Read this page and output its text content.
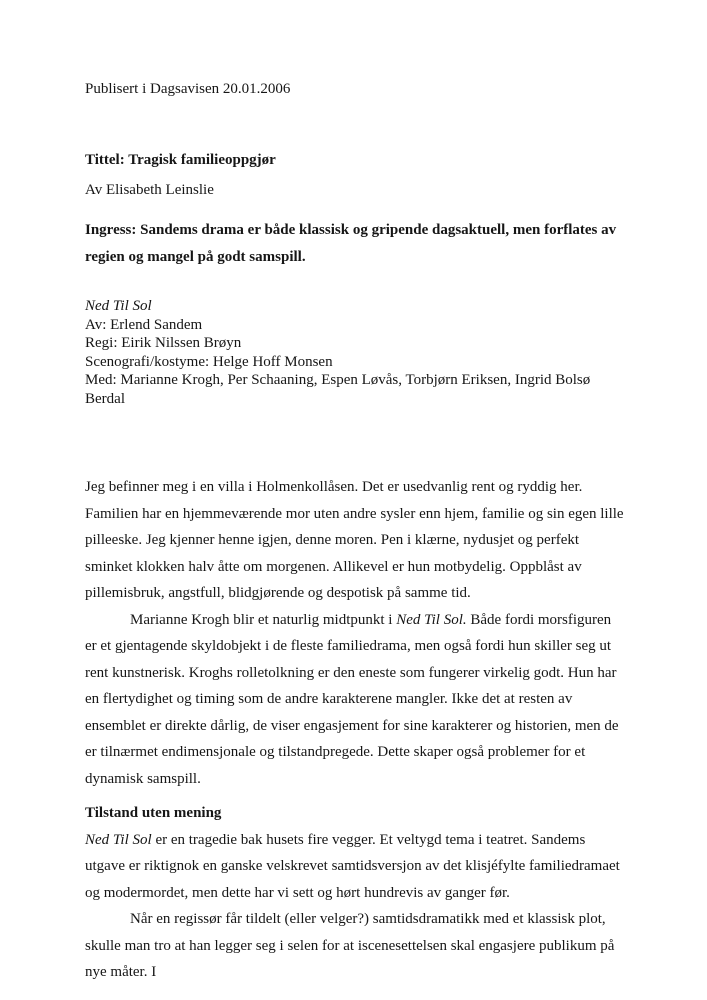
Publisert i Dagsavisen 20.01.2006

Tittel: Tragisk familieoppgjør

Av Elisabeth Leinslie

Ingress: Sandems drama er både klassisk og gripende dagsaktuell, men forflates av regien og mangel på godt samspill.

Ned Til Sol

Av: Erlend Sandem

Regi: Eirik Nilssen Brøyn

Scenografi/kostyme: Helge Hoff Monsen

Med: Marianne Krogh, Per Schaaning, Espen Løvås, Torbjørn Eriksen, Ingrid Bolsø Berdal

Jeg befinner meg i en villa i Holmenkollåsen. Det er usedvanlig rent og ryddig her. Familien har en hjemmeværende mor uten andre sysler enn hjem, familie og sin egen lille pilleeske. Jeg kjenner henne igjen, denne moren. Pen i klærne, nydusjet og perfekt sminket klokken halv åtte om morgenen. Allikevel er hun motbydelig. Oppblåst av pillemisbruk, angstfull, blidgjørende og despotisk på samme tid.

Marianne Krogh blir et naturlig midtpunkt i Ned Til Sol. Både fordi morsfiguren er et gjentagende skyldobjekt i de fleste familiedrama, men også fordi hun skiller seg ut rent kunstnerisk. Kroghs rolletolkning er den eneste som fungerer virkelig godt. Hun har en flertydighet og timing som de andre karakterene mangler. Ikke det at resten av ensemblet er direkte dårlig, de viser engasjement for sine karakterer og historien, men de er tilnærmet endimensjonale og tilstandpregede. Dette skaper også problemer for et dynamisk samspill.

Tilstand uten mening

Ned Til Sol er en tragedie bak husets fire vegger. Et veltygd tema i teatret. Sandems utgave er riktignok en ganske velskrevet samtidsversjon av det klisjéfylte familiedramaet og modermordet, men dette har vi sett og hørt hundrevis av ganger før.

Når en regissør får tildelt (eller velger?) samtidsdramatikk med et klassisk plot, skulle man tro at han legger seg i selen for at iscenesettelsen skal engasjere publikum på nye måter. I
